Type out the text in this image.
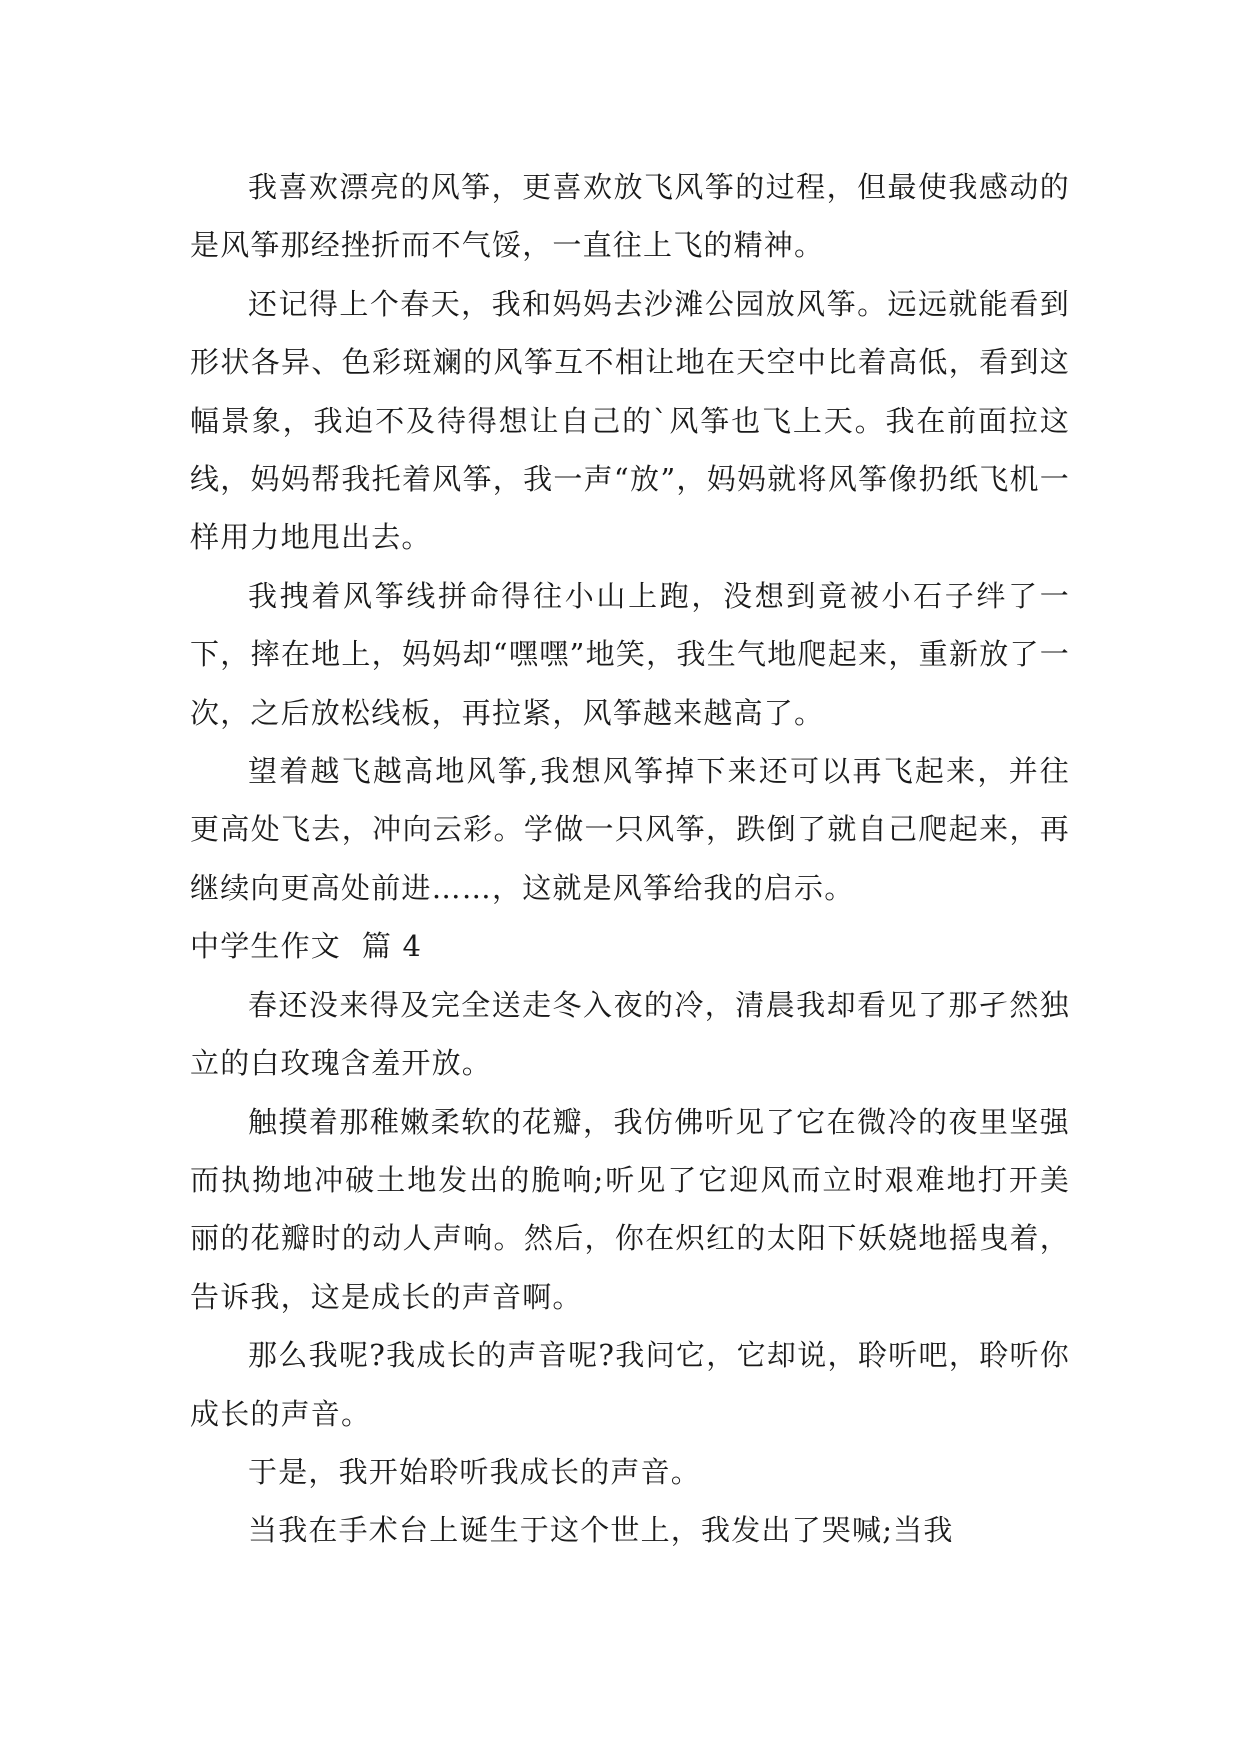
我喜欢漂亮的风筝，更喜欢放飞风筝的过程，但最使我感动的是风筝那经挫折而不气馁，一直往上飞的精神。

还记得上个春天，我和妈妈去沙滩公园放风筝。远远就能看到形状各异、色彩斑斓的风筝互不相让地在天空中比着高低，看到这幅景象，我迫不及待得想让自己的`风筝也飞上天。我在前面拉这线，妈妈帮我托着风筝，我一声“放”，妈妈就将风筝像扔纸飞机一样用力地甩出去。

我拽着风筝线拼命得往小山上跑，没想到竟被小石子绊了一下，摔在地上，妈妈却“嘿嘿”地笑，我生气地爬起来，重新放了一次，之后放松线板，再拉紧，风筝越来越高了。

望着越飞越高地风筝,我想风筝掉下来还可以再飞起来，并往更高处飞去，冲向云彩。学做一只风筝，跌倒了就自己爬起来，再继续向更高处前进……，这就是风筝给我的启示。

中学生作文  篇 4

春还没来得及完全送走冬入夜的冷，清晨我却看见了那孑然独立的白玫瑰含羞开放。

触摸着那稚嫩柔软的花瓣，我仿佛听见了它在微冷的夜里坚强而执拗地冲破土地发出的脆响;听见了它迎风而立时艰难地打开美丽的花瓣时的动人声响。然后，你在炽红的太阳下妖娆地摇曳着，告诉我，这是成长的声音啊。

那么我呢?我成长的声音呢?我问它，它却说，聆听吧，聆听你成长的声音。

于是，我开始聆听我成长的声音。

当我在手术台上诞生于这个世上，我发出了哭喊;当我
